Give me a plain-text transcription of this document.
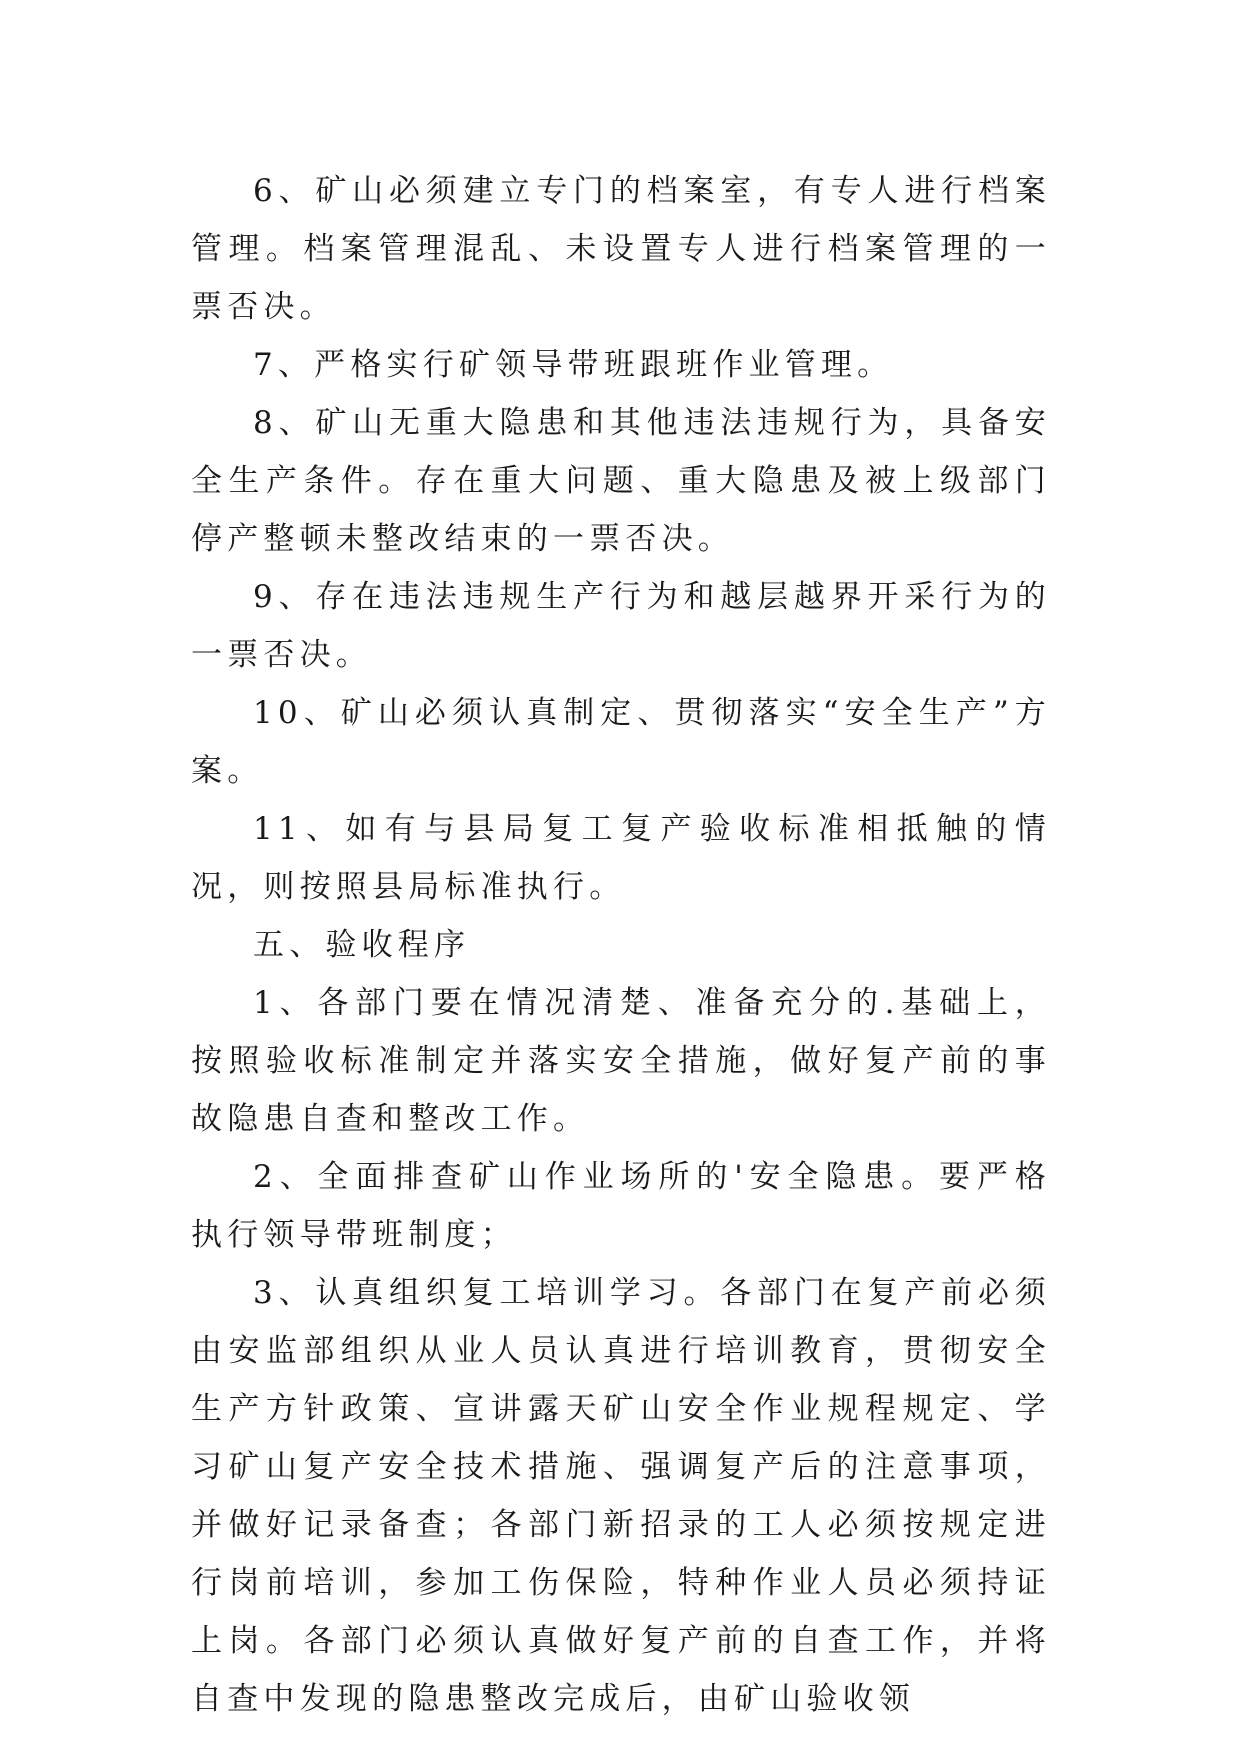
6、矿山必须建立专门的档案室，有专人进行档案管理。档案管理混乱、未设置专人进行档案管理的一票否决。

7、严格实行矿领导带班跟班作业管理。

8、矿山无重大隐患和其他违法违规行为，具备安全生产条件。存在重大问题、重大隐患及被上级部门停产整顿未整改结束的一票否决。

9、存在违法违规生产行为和越层越界开采行为的一票否决。

10、矿山必须认真制定、贯彻落实“安全生产”方案。

11、如有与县局复工复产验收标准相抵触的情况，则按照县局标准执行。

五、验收程序

1、各部门要在情况清楚、准备充分的.基础上，按照验收标准制定并落实安全措施，做好复产前的事故隐患自查和整改工作。

2、全面排查矿山作业场所的'安全隐患。要严格执行领导带班制度；

3、认真组织复工培训学习。各部门在复产前必须由安监部组织从业人员认真进行培训教育，贯彻安全生产方针政策、宣讲露天矿山安全作业规程规定、学习矿山复产安全技术措施、强调复产后的注意事项，并做好记录备查；各部门新招录的工人必须按规定进行岗前培训，参加工伤保险，特种作业人员必须持证上岗。各部门必须认真做好复产前的自查工作，并将自查中发现的隐患整改完成后，由矿山验收领
